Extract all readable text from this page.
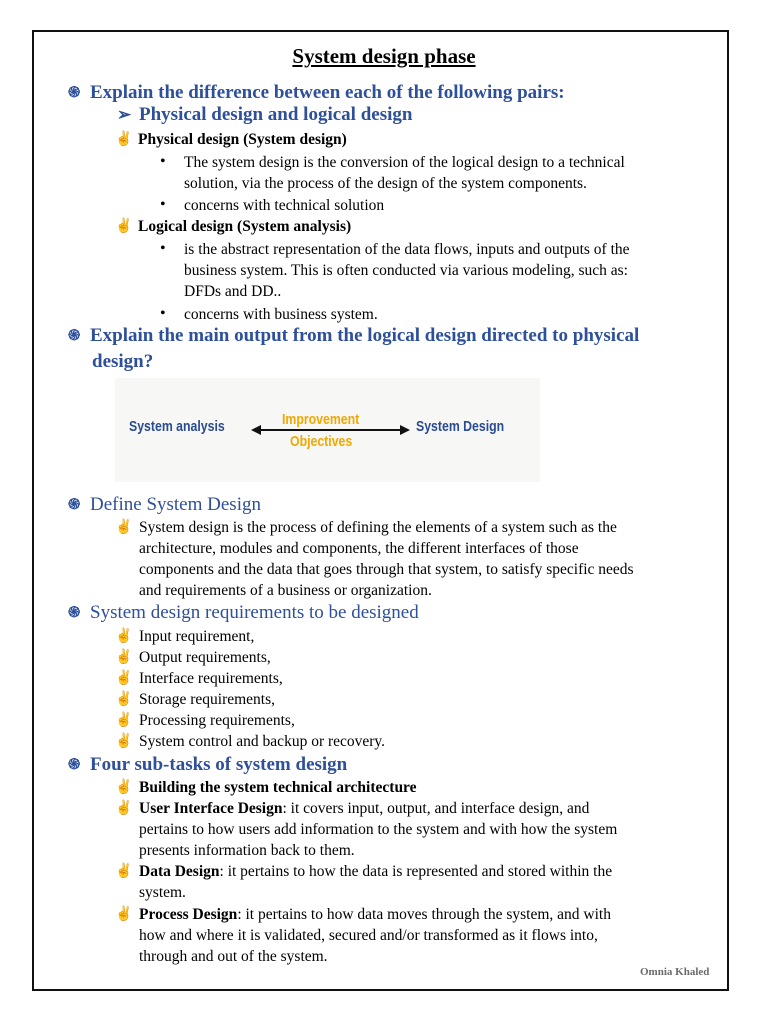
System design phase
֍ Explain the difference between each of the following pairs:
➢ Physical design and logical design
✌ Physical design (System design)
• The system design is the conversion of the logical design to a technical
solution, via the process of the design of the system components.
• concerns with technical solution
✌ Logical design (System analysis)
• is the abstract representation of the data flows, inputs and outputs of the
business system. This is often conducted via various modeling, such as:
DFDs and DD..
• concerns with business system.
֍ Explain the main output from the logical design directed to physical
design?
System analysis	Improvement
Objectives
System Design
֍ Define System Design
✌ System design is the process of defining the elements of a system such as the
architecture, modules and components, the different interfaces of those
components and the data that goes through that system, to satisfy specific needs
and requirements of a business or organization.
֍ System design requirements to be designed
✌ Input requirement,
✌ Output requirements,
✌ Interface requirements,
✌ Storage requirements,
✌ Processing requirements,
✌ System control and backup or recovery.
֍ Four sub-tasks of system design
✌ Building the system technical architecture
✌ User Interface Design: it covers input, output, and interface design, and
pertains to how users add information to the system and with how the system
presents information back to them.
✌ Data Design: it pertains to how the data is represented and stored within the
system.
✌ Process Design: it pertains to how data moves through the system, and with
how and where it is validated, secured and/or transformed as it flows into,
through and out of the system.
Omnia Khaled
